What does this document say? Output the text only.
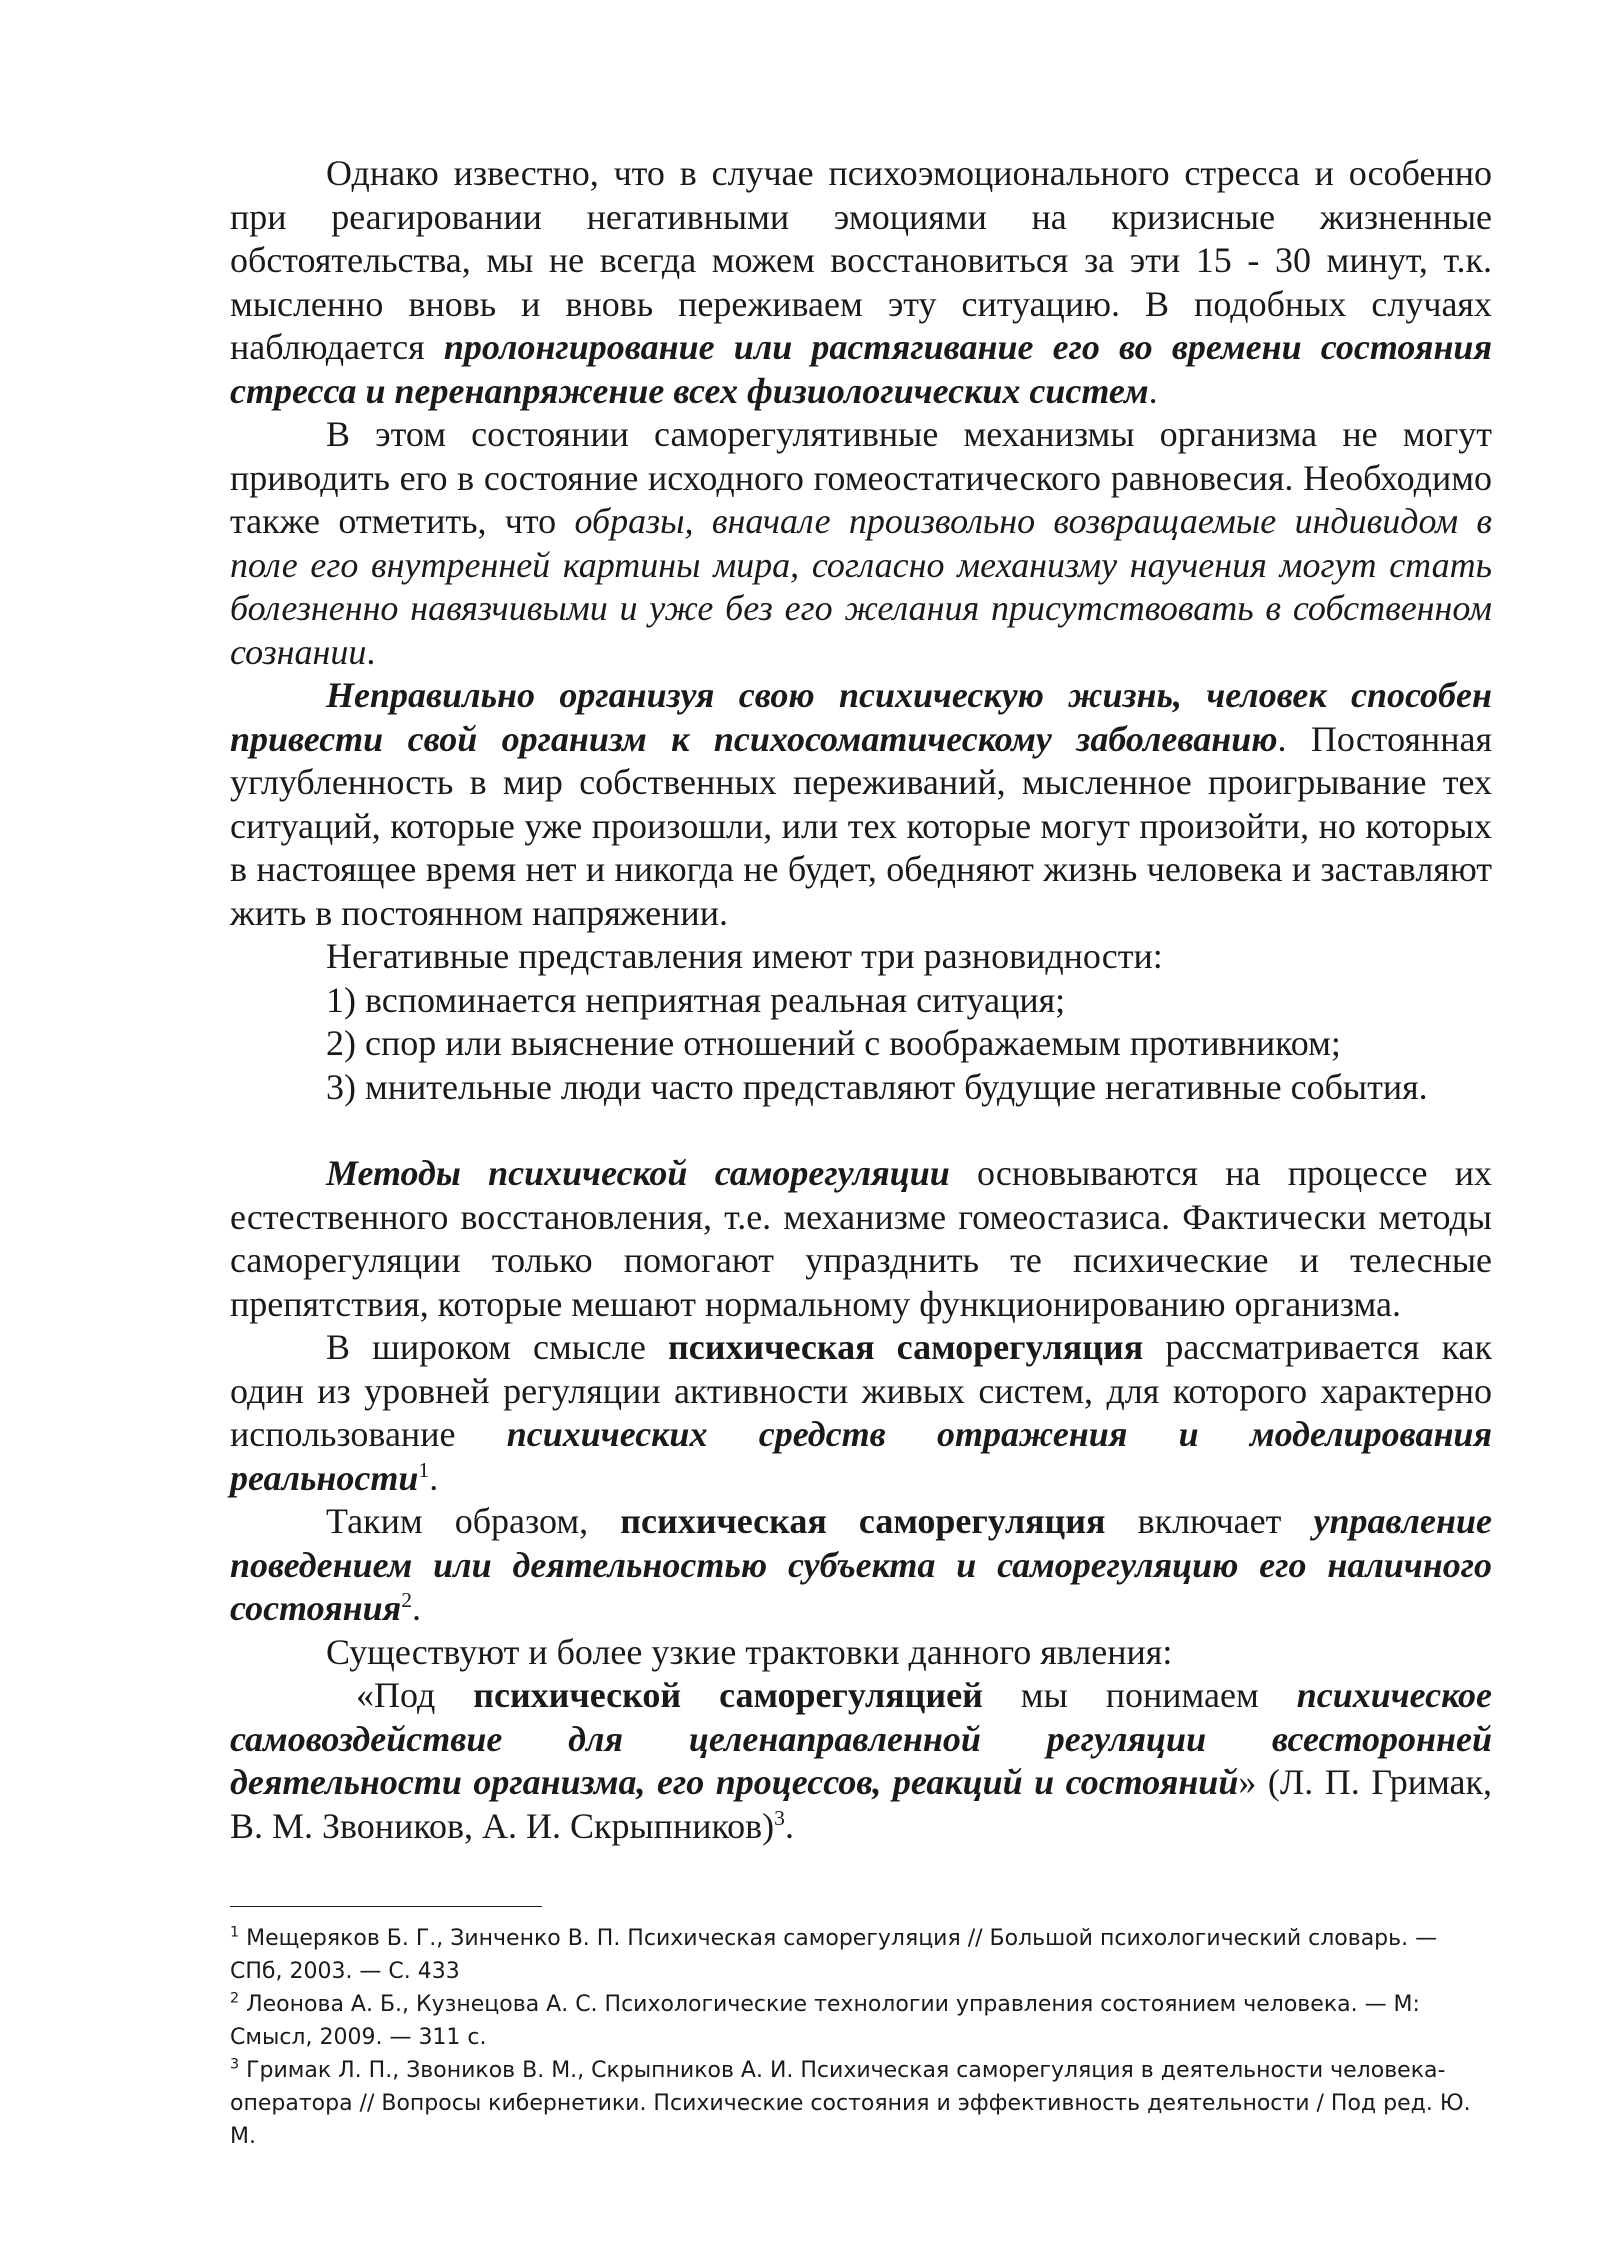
Однако известно, что в случае психоэмоционального стресса и особенно при реагировании негативными эмоциями на кризисные жизненные обстоятельства, мы не всегда можем восстановиться за эти 15 - 30 минут, т.к. мысленно вновь и вновь переживаем эту ситуацию. В подобных случаях наблюдается пролонгирование или растягивание его во времени состояния стресса и перенапряжение всех физиологических систем.

В этом состоянии саморегулятивные механизмы организма не могут приводить его в состояние исходного гомеостатического равновесия. Необходимо также отметить, что образы, вначале произвольно возвращаемые индивидом в поле его внутренней картины мира, согласно механизму научения могут стать болезненно навязчивыми и уже без его желания присутствовать в собственном сознании.

Неправильно организуя свою психическую жизнь, человек способен привести свой организм к психосоматическому заболеванию. Постоянная углубленность в мир собственных переживаний, мысленное проигрывание тех ситуаций, которые уже произошли, или тех которые могут произойти, но которых в настоящее время нет и никогда не будет, обедняют жизнь человека и заставляют жить в постоянном напряжении.

Негативные представления имеют три разновидности:

1) вспоминается неприятная реальная ситуация;

2) спор или выяснение отношений с воображаемым противником;

3) мнительные люди часто представляют будущие негативные события.

Методы психической саморегуляции основываются на процессе их естественного восстановления, т.е. механизме гомеостазиса. Фактически методы саморегуляции только помогают упразднить те психические и телесные препятствия, которые мешают нормальному функционированию организма.

В широком смысле психическая саморегуляция рассматривается как один из уровней регуляции активности живых систем, для которого характерно использование психических средств отражения и моделирования реальности$^1$.

Таким образом, психическая саморегуляция включает управление поведением или деятельностью субъекта и саморегуляцию его наличного состояния$^2$.

Существуют и более узкие трактовки данного явления:

«Под психической саморегуляцией мы понимаем психическое самовоздействие для целенаправленной регуляции всесторонней деятельности организма, его процессов, реакций и состояний» (Л. П. Гримак, В. М. Звоников, А. И. Скрыпников)$^3$.

$^1$ Мещеряков Б. Г., Зинченко В. П. Психическая саморегуляция // Большой психологический словарь. — СПб, 2003. — С. 433

$^2$ Леонова А. Б., Кузнецова А. С. Психологические технологии управления состоянием человека. — М: Смысл, 2009. — 311 с.

$^3$ Гримак Л. П., Звоников В. М., Скрыпников А. И. Психическая саморегуляция в деятельности человека-оператора // Вопросы кибернетики. Психические состояния и эффективность деятельности / Под ред. Ю. М.
